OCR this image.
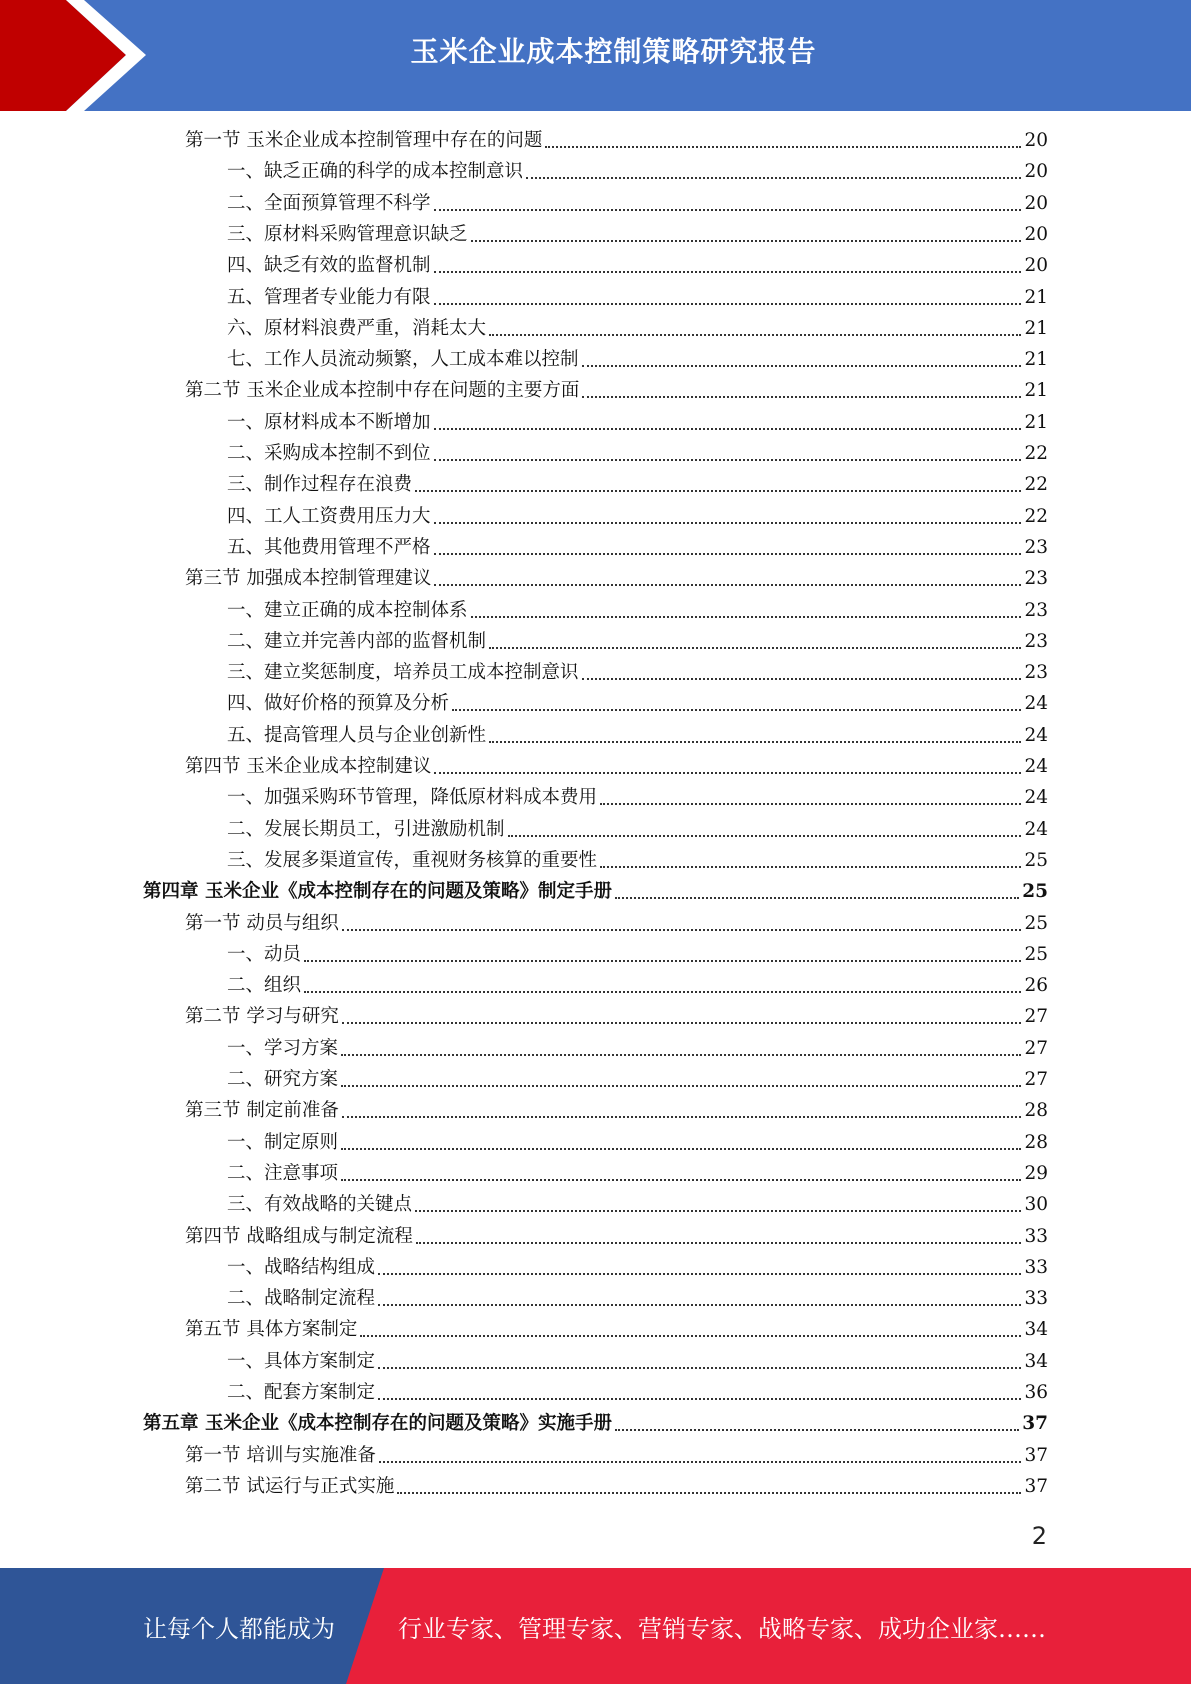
玉米企业成本控制策略研究报告
第一节 玉米企业成本控制管理中存在的问题	20
一、缺乏正确的科学的成本控制意识	20
二、全面预算管理不科学	20
三、原材料采购管理意识缺乏	20
四、缺乏有效的监督机制	20
五、管理者专业能力有限	21
六、原材料浪费严重，消耗太大	21
七、工作人员流动频繁，人工成本难以控制	21
第二节 玉米企业成本控制中存在问题的主要方面	21
一、原材料成本不断增加	21
二、采购成本控制不到位	22
三、制作过程存在浪费	22
四、工人工资费用压力大	22
五、其他费用管理不严格	23
第三节 加强成本控制管理建议	23
一、建立正确的成本控制体系	23
二、建立并完善内部的监督机制	23
三、建立奖惩制度，培养员工成本控制意识	23
四、做好价格的预算及分析	24
五、提高管理人员与企业创新性	24
第四节 玉米企业成本控制建议	24
一、加强采购环节管理，降低原材料成本费用	24
二、发展长期员工，引进激励机制	24
三、发展多渠道宣传，重视财务核算的重要性	25
第四章 玉米企业《成本控制存在的问题及策略》制定手册	25
第一节 动员与组织	25
一、动员	25
二、组织	26
第二节 学习与研究	27
一、学习方案	27
二、研究方案	27
第三节 制定前准备	28
一、制定原则	28
二、注意事项	29
三、有效战略的关键点	30
第四节 战略组成与制定流程	33
一、战略结构组成	33
二、战略制定流程	33
第五节 具体方案制定	34
一、具体方案制定	34
二、配套方案制定	36
第五章 玉米企业《成本控制存在的问题及策略》实施手册	37
第一节 培训与实施准备	37
第二节 试运行与正式实施	37
2
让每个人都能成为	行业专家、管理专家、营销专家、战略专家、成功企业家……
